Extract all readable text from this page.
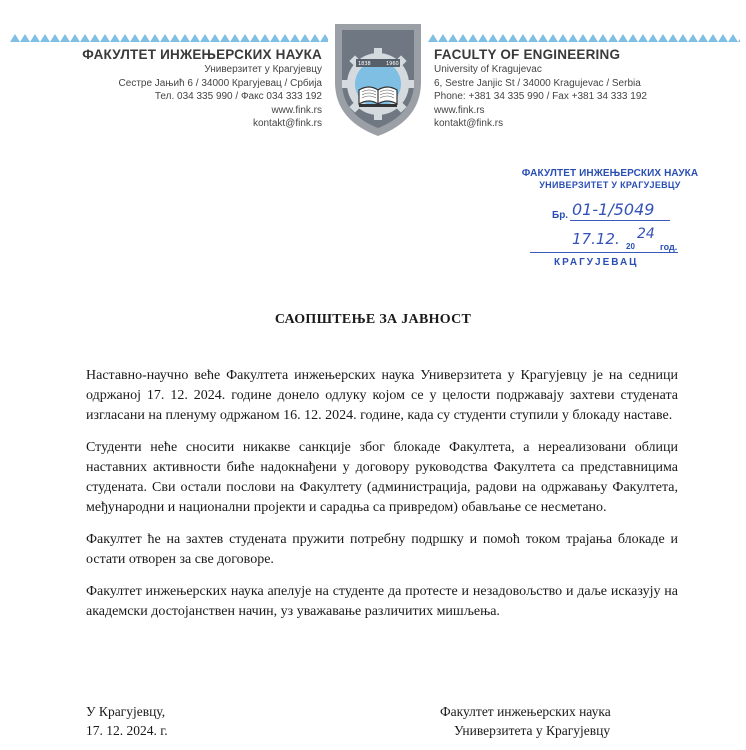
ФАКУЛТЕТ ИНЖЕЊЕРСКИХ НАУКА
Универзитет у Крагујевцу
Сестре Јањић 6 / 34000 Крагујевац / Србија
Тел. 034 335 990 / Факс 034 333 192
www.fink.rs
kontakt@fink.rs
1838	1960
FACULTY OF ENGINEERING
University of Kragujevac
6, Sestre Janjic St / 34000 Kragujevac / Serbia
Phone: +381 34 335 990 / Fax +381 34 333 192
www.fink.rs
kontakt@fink.rs
ФАКУЛТЕТ ИНЖЕЊЕРСКИХ НАУКА
УНИВЕРЗИТЕТ У КРАГУЈЕВЦУ
Бр. 01-1/5049
17.12. 20
24
год.
КРАГУЈЕВАЦ
САОПШТЕЊЕ ЗА ЈАВНОСТ

Наставно-научно веће Факултета инжењерских наука Универзитета у Крагујевцу је на седници одржаној 17. 12. 2024. године донело одлуку којом се у целости подржавају захтеви студената изгласани на пленуму одржаном 16. 12. 2024. године, када су студенти ступили у блокаду наставе.

Студенти неће сносити никакве санкције због блокаде Факултета, а нереализовани облици наставних активности биће надокнађени у договору руководства Факултета са представницима студената. Сви остали послови на Факултету (администрација, радови на одржавању Факултета, међународни и национални пројекти и сарадња са привредом) обављање се несметано.

Факултет ће на захтев студената пружити потребну подршку и помоћ током трајања блокаде и остати отворен за све договоре.

Факултет инжењерских наука апелује на студенте да протесте и незадовољство и даље исказују на академски достојанствен начин, уз уважавање различитих мишљења.

У Крагујевцу,
17. 12. 2024. г.
Факултет инжењерских наука
Универзитета у Крагујевцу
